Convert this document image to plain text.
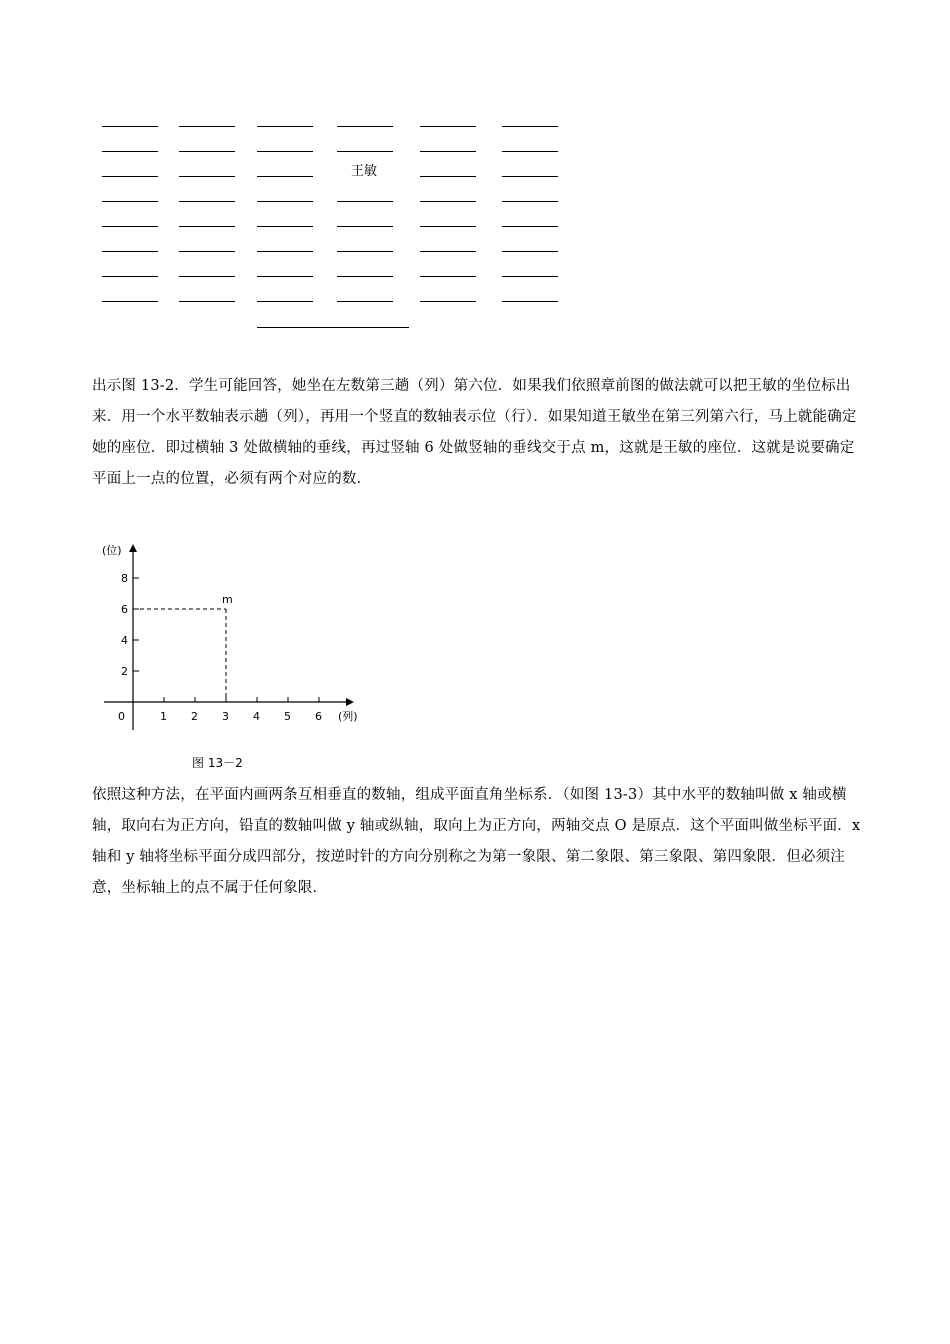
王敏

出示图 13-2．学生可能回答，她坐在左数第三趟（列）第六位．如果我们依照章前图的做法就可以把王敏的坐位标出来．用一个水平数轴表示趟（列），再用一个竖直的数轴表示位（行）．如果知道王敏坐在第三列第六行，马上就能确定她的座位．即过横轴 3 处做横轴的垂线，再过竖轴 6 处做竖轴的垂线交于点 m，这就是王敏的座位．这就是说要确定平面上一点的位置，必须有两个对应的数．

(位)
(列)
0	1 2 3 4 5 6
2
4
6
8
m
图 13－2

依照这种方法，在平面内画两条互相垂直的数轴，组成平面直角坐标系．（如图 13-3）其中水平的数轴叫做 x 轴或横轴，取向右为正方向，铅直的数轴叫做 y 轴或纵轴，取向上为正方向，两轴交点 O 是原点．这个平面叫做坐标平面．x 轴和 y 轴将坐标平面分成四部分，按逆时针的方向分别称之为第一象限、第二象限、第三象限、第四象限．但必须注意，坐标轴上的点不属于任何象限．
